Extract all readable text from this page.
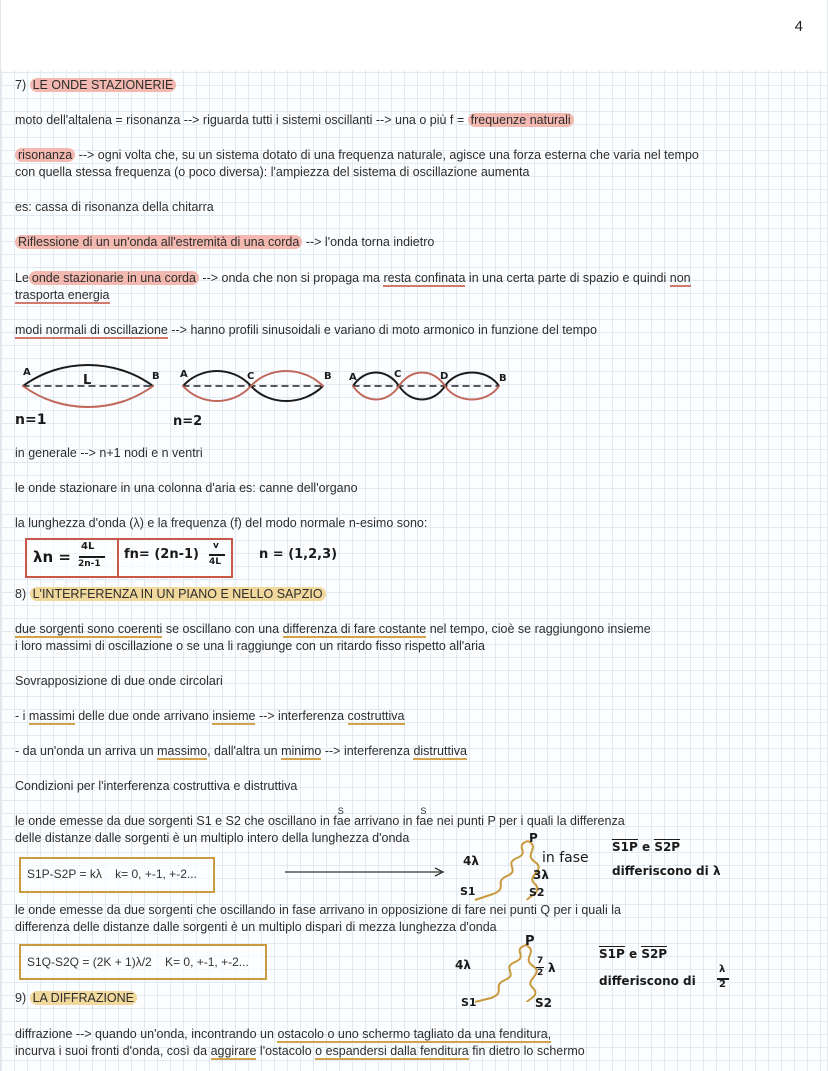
4
7) LE ONDE STAZIONERIE
moto dell'altalena = risonanza --> riguarda tutti i sistemi oscillanti --> una o più f = frequenze naturali
risonanza --> ogni volta che, su un sistema dotato di una frequenza naturale, agisce una forza esterna che varia nel tempo
con quella stessa frequenza (o poco diversa): l'ampiezza del sistema di oscillazione aumenta
es: cassa di risonanza della chitarra
Riflessione di un un'onda all'estremità di una corda --> l'onda torna indietro
Le onde stazionarie in una corda --> onda che non si propaga ma resta confinata in una certa parte di spazio e quindi non
trasporta energia
modi normali di oscillazione --> hanno profili sinusoidali e variano di moto armonico in funzione del tempo
A
L	B A	C	B A	C	D	B
n=1	n=2
in generale --> n+1 nodi e n ventri
le onde stazionare in una colonna d'aria es: canne dell'organo
la lunghezza d'onda (λ) e la frequenza (f) del modo normale n-esimo sono:
λn =
4L
2n-1
fn= (2n-1)
v
4L	n = (1,2,3)
8) L'INTERFERENZA IN UN PIANO E NELLO SAPZIO
due sorgenti sono coerenti se oscillano con una differenza di fare costante nel tempo, cioè se raggiungono insieme
i loro massimi di oscillazione o se una li raggiunge con un ritardo fisso rispetto all'aria
Sovrapposizione di due onde circolari
- i massimi delle due onde arrivano insieme --> interferenza costruttiva
- da un'onda un arriva un massimo, dall'altra un minimo --> interferenza distruttiva
Condizioni per l'interferenza costruttiva e distruttiva
le onde emesse da due sorgenti S1 e S2 che oscillano in fa
S
e arrivano in fa
S
e nei punti P per i quali la differenza
delle distanze dalle sorgenti è un multiplo intero della lunghezza d'onda
S1P-S2P = kλ    k= 0, +-1, +-2...
P
4λ
3λ
S1	S2
in fase
S1P e S2P
differiscono di λ
le onde emesse da due sorgenti che oscillando in fase arrivano in opposizione di fare nei punti Q per i quali la
differenza delle distanze dalle sorgenti è un multiplo dispari di mezza lunghezza d'onda
S1Q-S2Q = (2K + 1)λ/2    K= 0, +-1, +-2...
P
4λ	7
2 λ
S1	S2
S1P e S2P
differiscono di
λ
2
9) LA DIFFRAZIONE
diffrazione --> quando un'onda, incontrando un ostacolo o uno schermo tagliato da una fenditura,
incurva i suoi fronti d'onda, così da aggirare l'ostacolo o espandersi dalla fenditura fin dietro lo schermo
